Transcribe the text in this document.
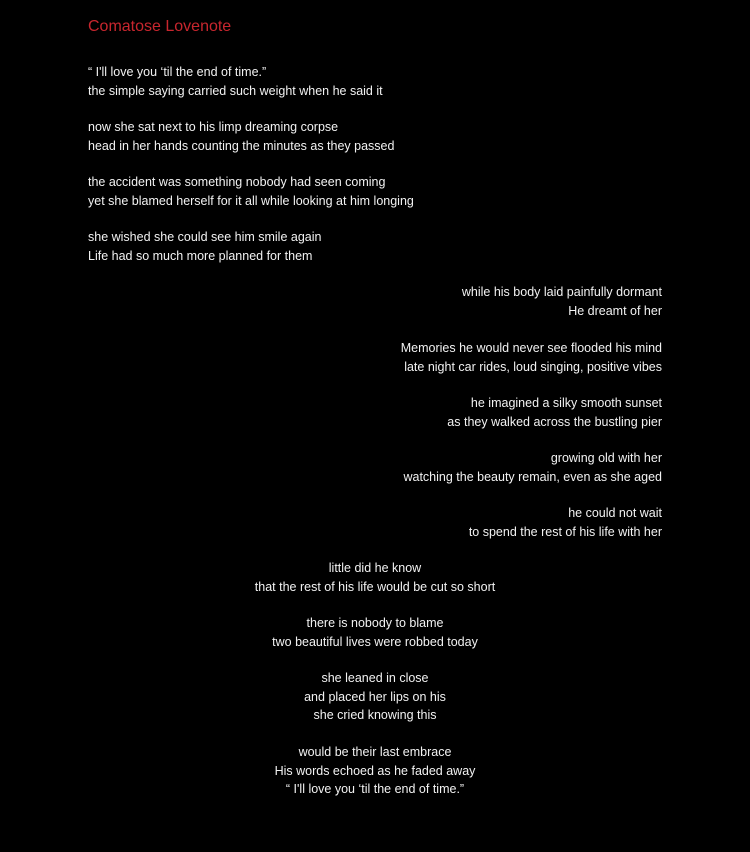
Comatose Lovenote
“ I'll love you ‘til the end of time.”
the simple saying carried such weight when he said it
now she sat next to his limp dreaming corpse
head in her hands counting the minutes as they passed
the accident was something nobody had seen coming
yet she blamed herself for it all while looking at him longing
she wished she could see him smile again
Life had so much more planned for them
while his body laid painfully dormant
He dreamt of her
Memories he would never see flooded his mind
late night car rides, loud singing, positive vibes
he imagined a silky smooth sunset
as they walked across the bustling pier
growing old with her
watching the beauty remain, even as she aged
he could not wait
to spend the rest of his life with her
little did he know
that the rest of his life would be cut so short
there is nobody to blame
two beautiful lives were robbed today
she leaned in close
and placed her lips on his
she cried knowing this
would be their last embrace
His words echoed as he faded away
“ I'll love you ‘til the end of time.”
